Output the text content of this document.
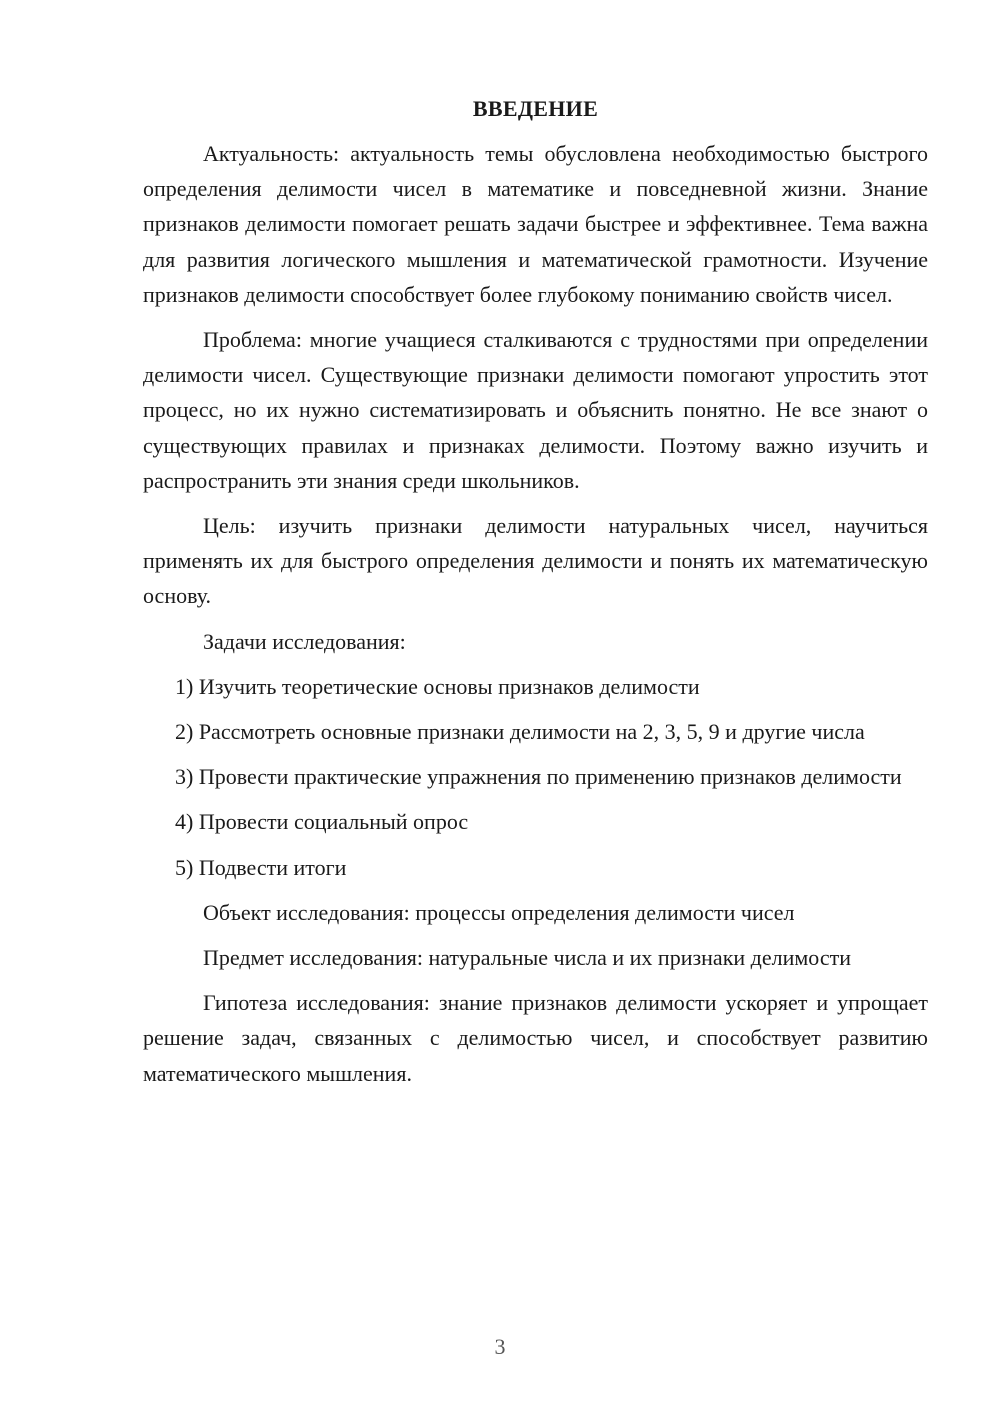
ВВЕДЕНИЕ

Актуальность: актуальность темы обусловлена необходимостью быстрого определения делимости чисел в математике и повседневной жизни. Знание признаков делимости помогает решать задачи быстрее и эффективнее. Тема важна для развития логического мышления и математической грамотности. Изучение признаков делимости способствует более глубокому пониманию свойств чисел.

Проблема: многие учащиеся сталкиваются с трудностями при определении делимости чисел. Существующие признаки делимости помогают упростить этот процесс, но их нужно систематизировать и объяснить понятно. Не все знают о существующих правилах и признаках делимости. Поэтому важно изучить и распространить эти знания среди школьников.

Цель: изучить признаки делимости натуральных чисел, научиться применять их для быстрого определения делимости и понять их математическую основу.

Задачи исследования:

1) Изучить теоретические основы признаков делимости

2) Рассмотреть основные признаки делимости на 2, 3, 5, 9 и другие числа

3) Провести практические упражнения по применению признаков делимости

4) Провести социальный опрос

5) Подвести итоги

Объект исследования: процессы определения делимости чисел

Предмет исследования: натуральные числа и их признаки делимости

Гипотеза исследования: знание признаков делимости ускоряет и упрощает решение задач, связанных с делимостью чисел, и способствует развитию математического мышления.

3
